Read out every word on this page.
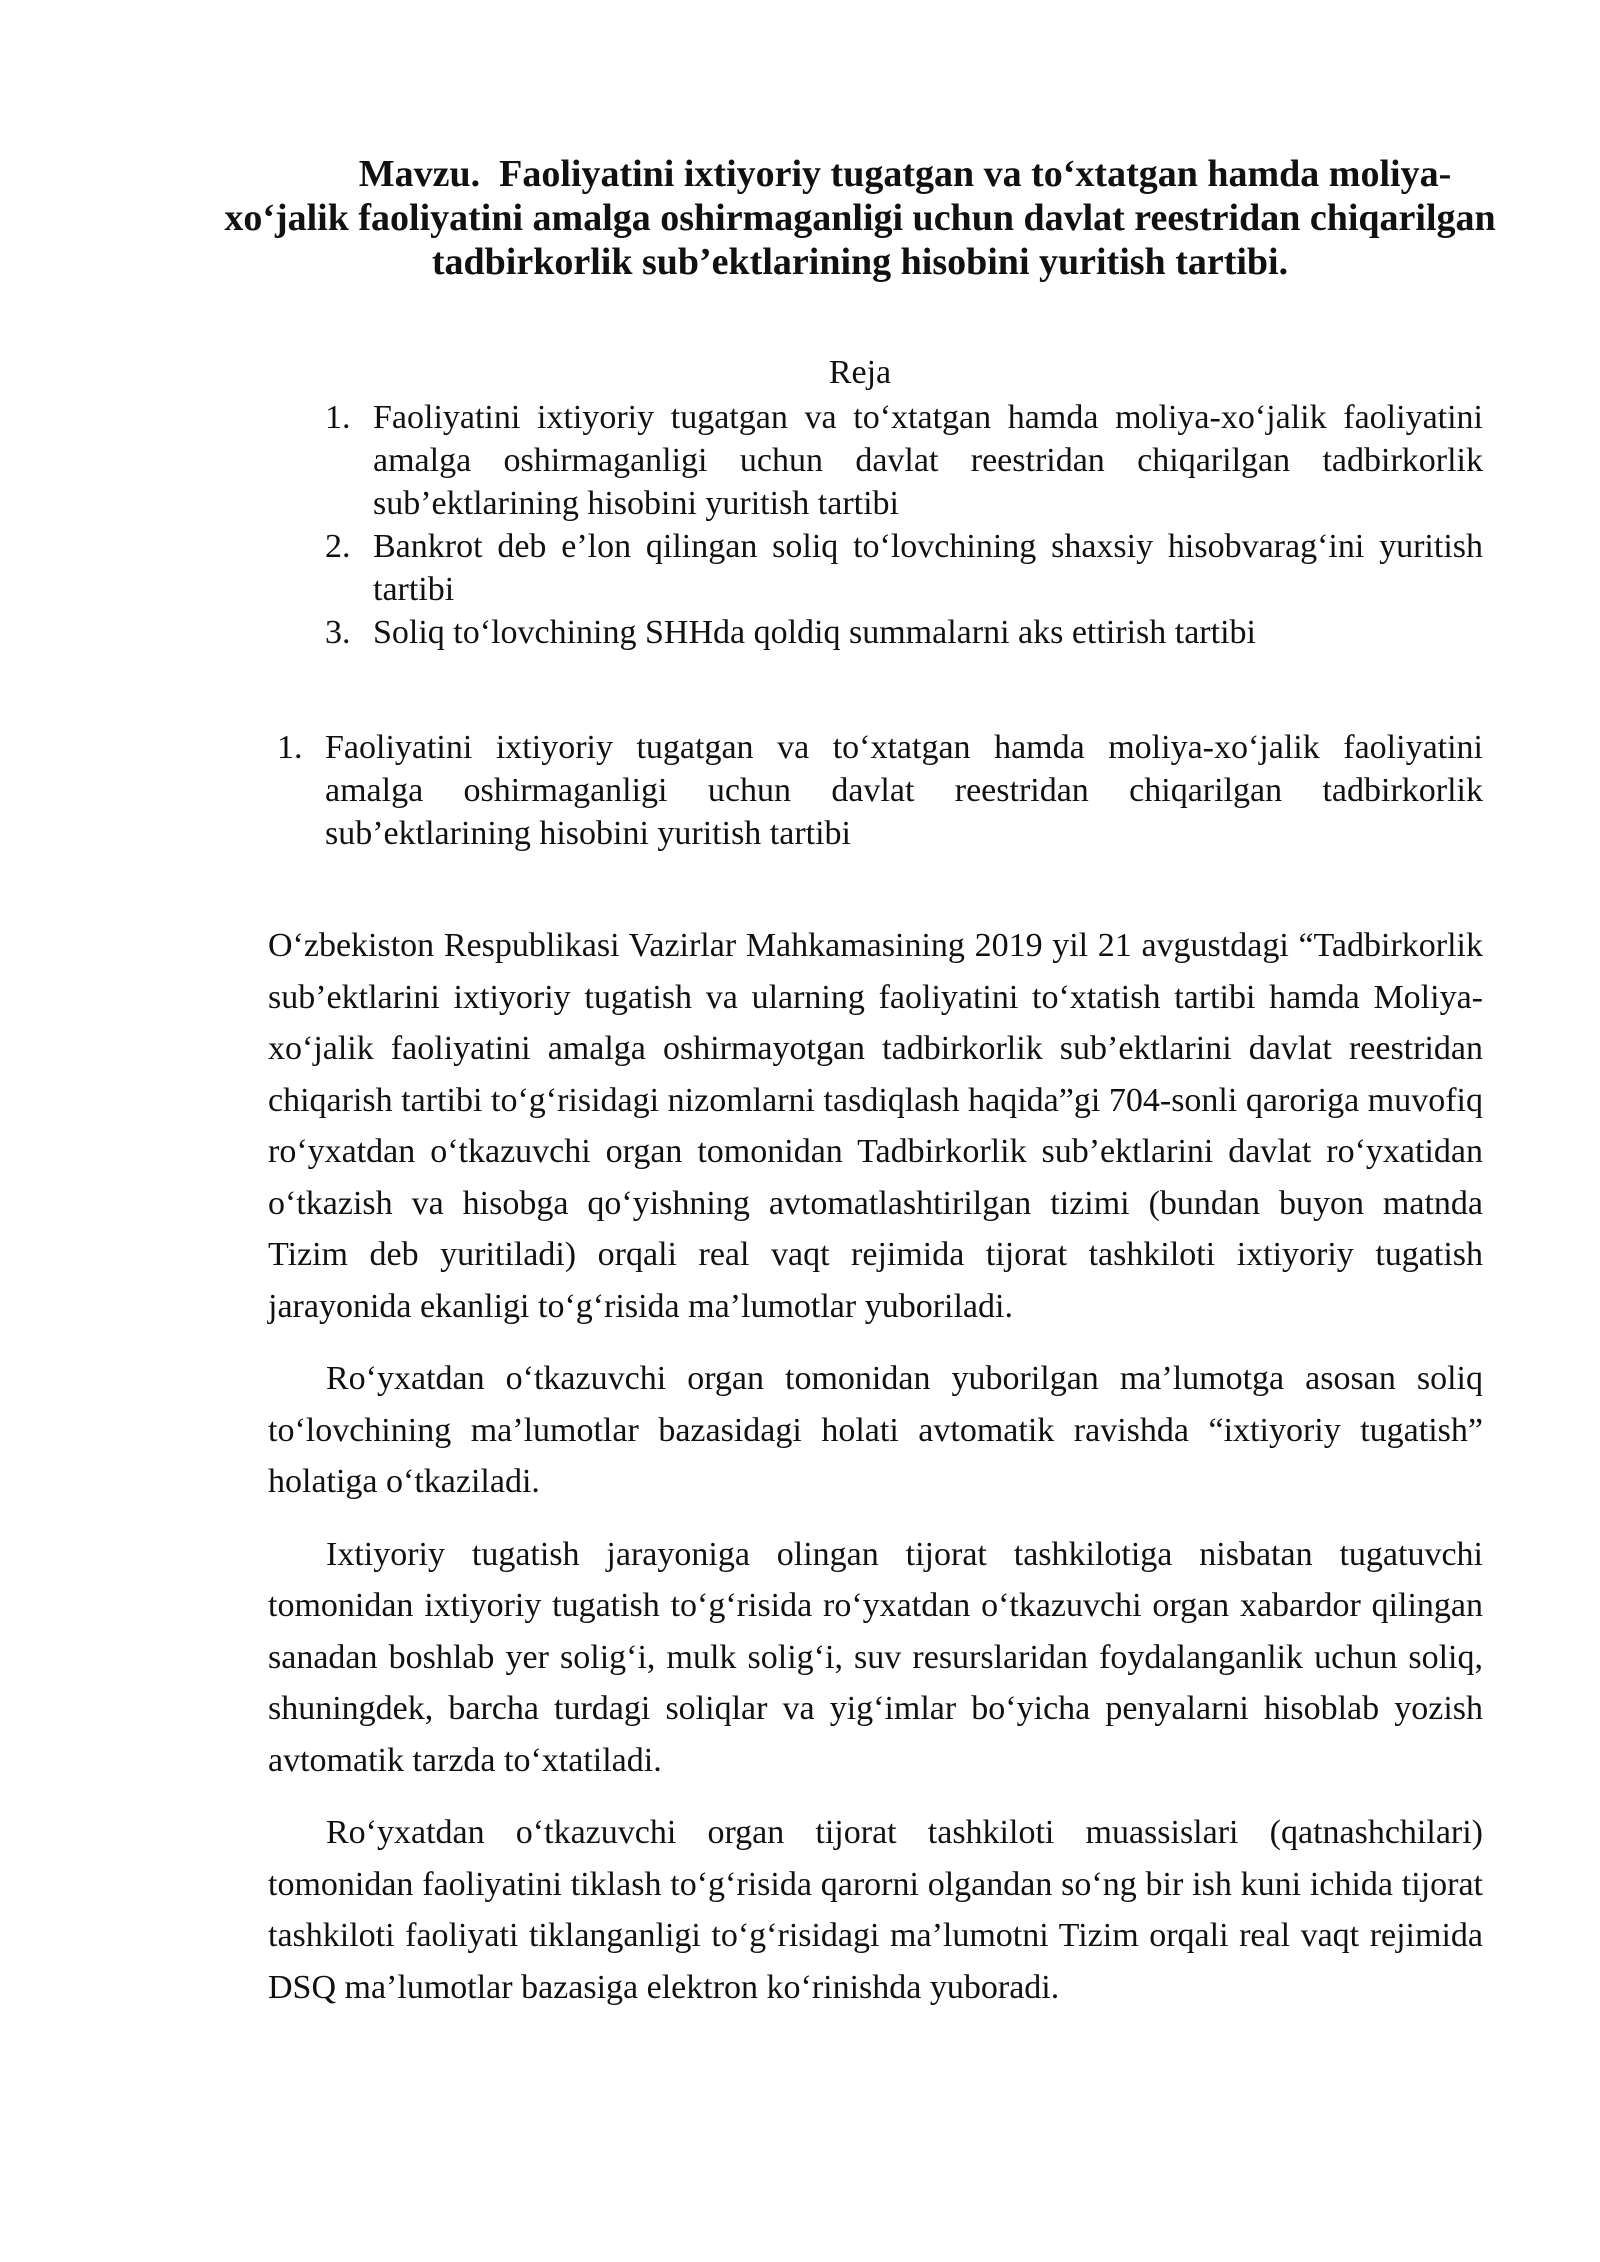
Mavzu. Faoliyatini ixtiyoriy tugatgan va to‘xtatgan hamda moliya-xo‘jalik faoliyatini amalga oshirmaganligi uchun davlat reestridan chiqarilgan tadbirkorlik sub’ektlarining hisobini yuritish tartibi.
Reja
1. Faoliyatini ixtiyoriy tugatgan va to‘xtatgan hamda moliya-xo‘jalik faoliyatini amalga oshirmaganligi uchun davlat reestridan chiqarilgan tadbirkorlik sub’ektlarining hisobini yuritish tartibi
2. Bankrot deb e’lon qilingan soliq to‘lovchining shaxsiy hisobvarag‘ini yuritish tartibi
3. Soliq to‘lovchining SHHda qoldiq summalarni aks ettirish tartibi
1. Faoliyatini ixtiyoriy tugatgan va to‘xtatgan hamda moliya-xo‘jalik faoliyatini amalga oshirmaganligi uchun davlat reestridan chiqarilgan tadbirkorlik sub’ektlarining hisobini yuritish tartibi

O‘zbekiston Respublikasi Vazirlar Mahkamasining 2019 yil 21 avgustdagi “Tadbirkorlik sub’ektlarini ixtiyoriy tugatish va ularning faoliyatini to‘xtatish tartibi hamda Moliya-xo‘jalik faoliyatini amalga oshirmayotgan tadbirkorlik sub’ektlarini davlat reestridan chiqarish tartibi to‘g‘risidagi nizomlarni tasdiqlash haqida”gi 704-sonli qaroriga muvofiq ro‘yxatdan o‘tkazuvchi organ tomonidan Tadbirkorlik sub’ektlarini davlat ro‘yxatidan o‘tkazish va hisobga qo‘yishning avtomatlashtirilgan tizimi (bundan buyon matnda Tizim deb yuritiladi) orqali real vaqt rejimida tijorat tashkiloti ixtiyoriy tugatish jarayonida ekanligi to‘g‘risida ma’lumotlar yuboriladi.

Ro‘yxatdan o‘tkazuvchi organ tomonidan yuborilgan ma’lumotga asosan soliq to‘lovchining ma’lumotlar bazasidagi holati avtomatik ravishda “ixtiyoriy tugatish” holatiga o‘tkaziladi.

Ixtiyoriy tugatish jarayoniga olingan tijorat tashkilotiga nisbatan tugatuvchi tomonidan ixtiyoriy tugatish to‘g‘risida ro‘yxatdan o‘tkazuvchi organ xabardor qilingan sanadan boshlab yer solig‘i, mulk solig‘i, suv resurslaridan foydalanganlik uchun soliq, shuningdek, barcha turdagi soliqlar va yig‘imlar bo‘yicha penyalarni hisoblab yozish avtomatik tarzda to‘xtatiladi.

Ro‘yxatdan o‘tkazuvchi organ tijorat tashkiloti muassislari (qatnashchilari) tomonidan faoliyatini tiklash to‘g‘risida qarorni olgandan so‘ng bir ish kuni ichida tijorat tashkiloti faoliyati tiklanganligi to‘g‘risidagi ma’lumotni Tizim orqali real vaqt rejimida DSQ ma’lumotlar bazasiga elektron ko‘rinishda yuboradi.
